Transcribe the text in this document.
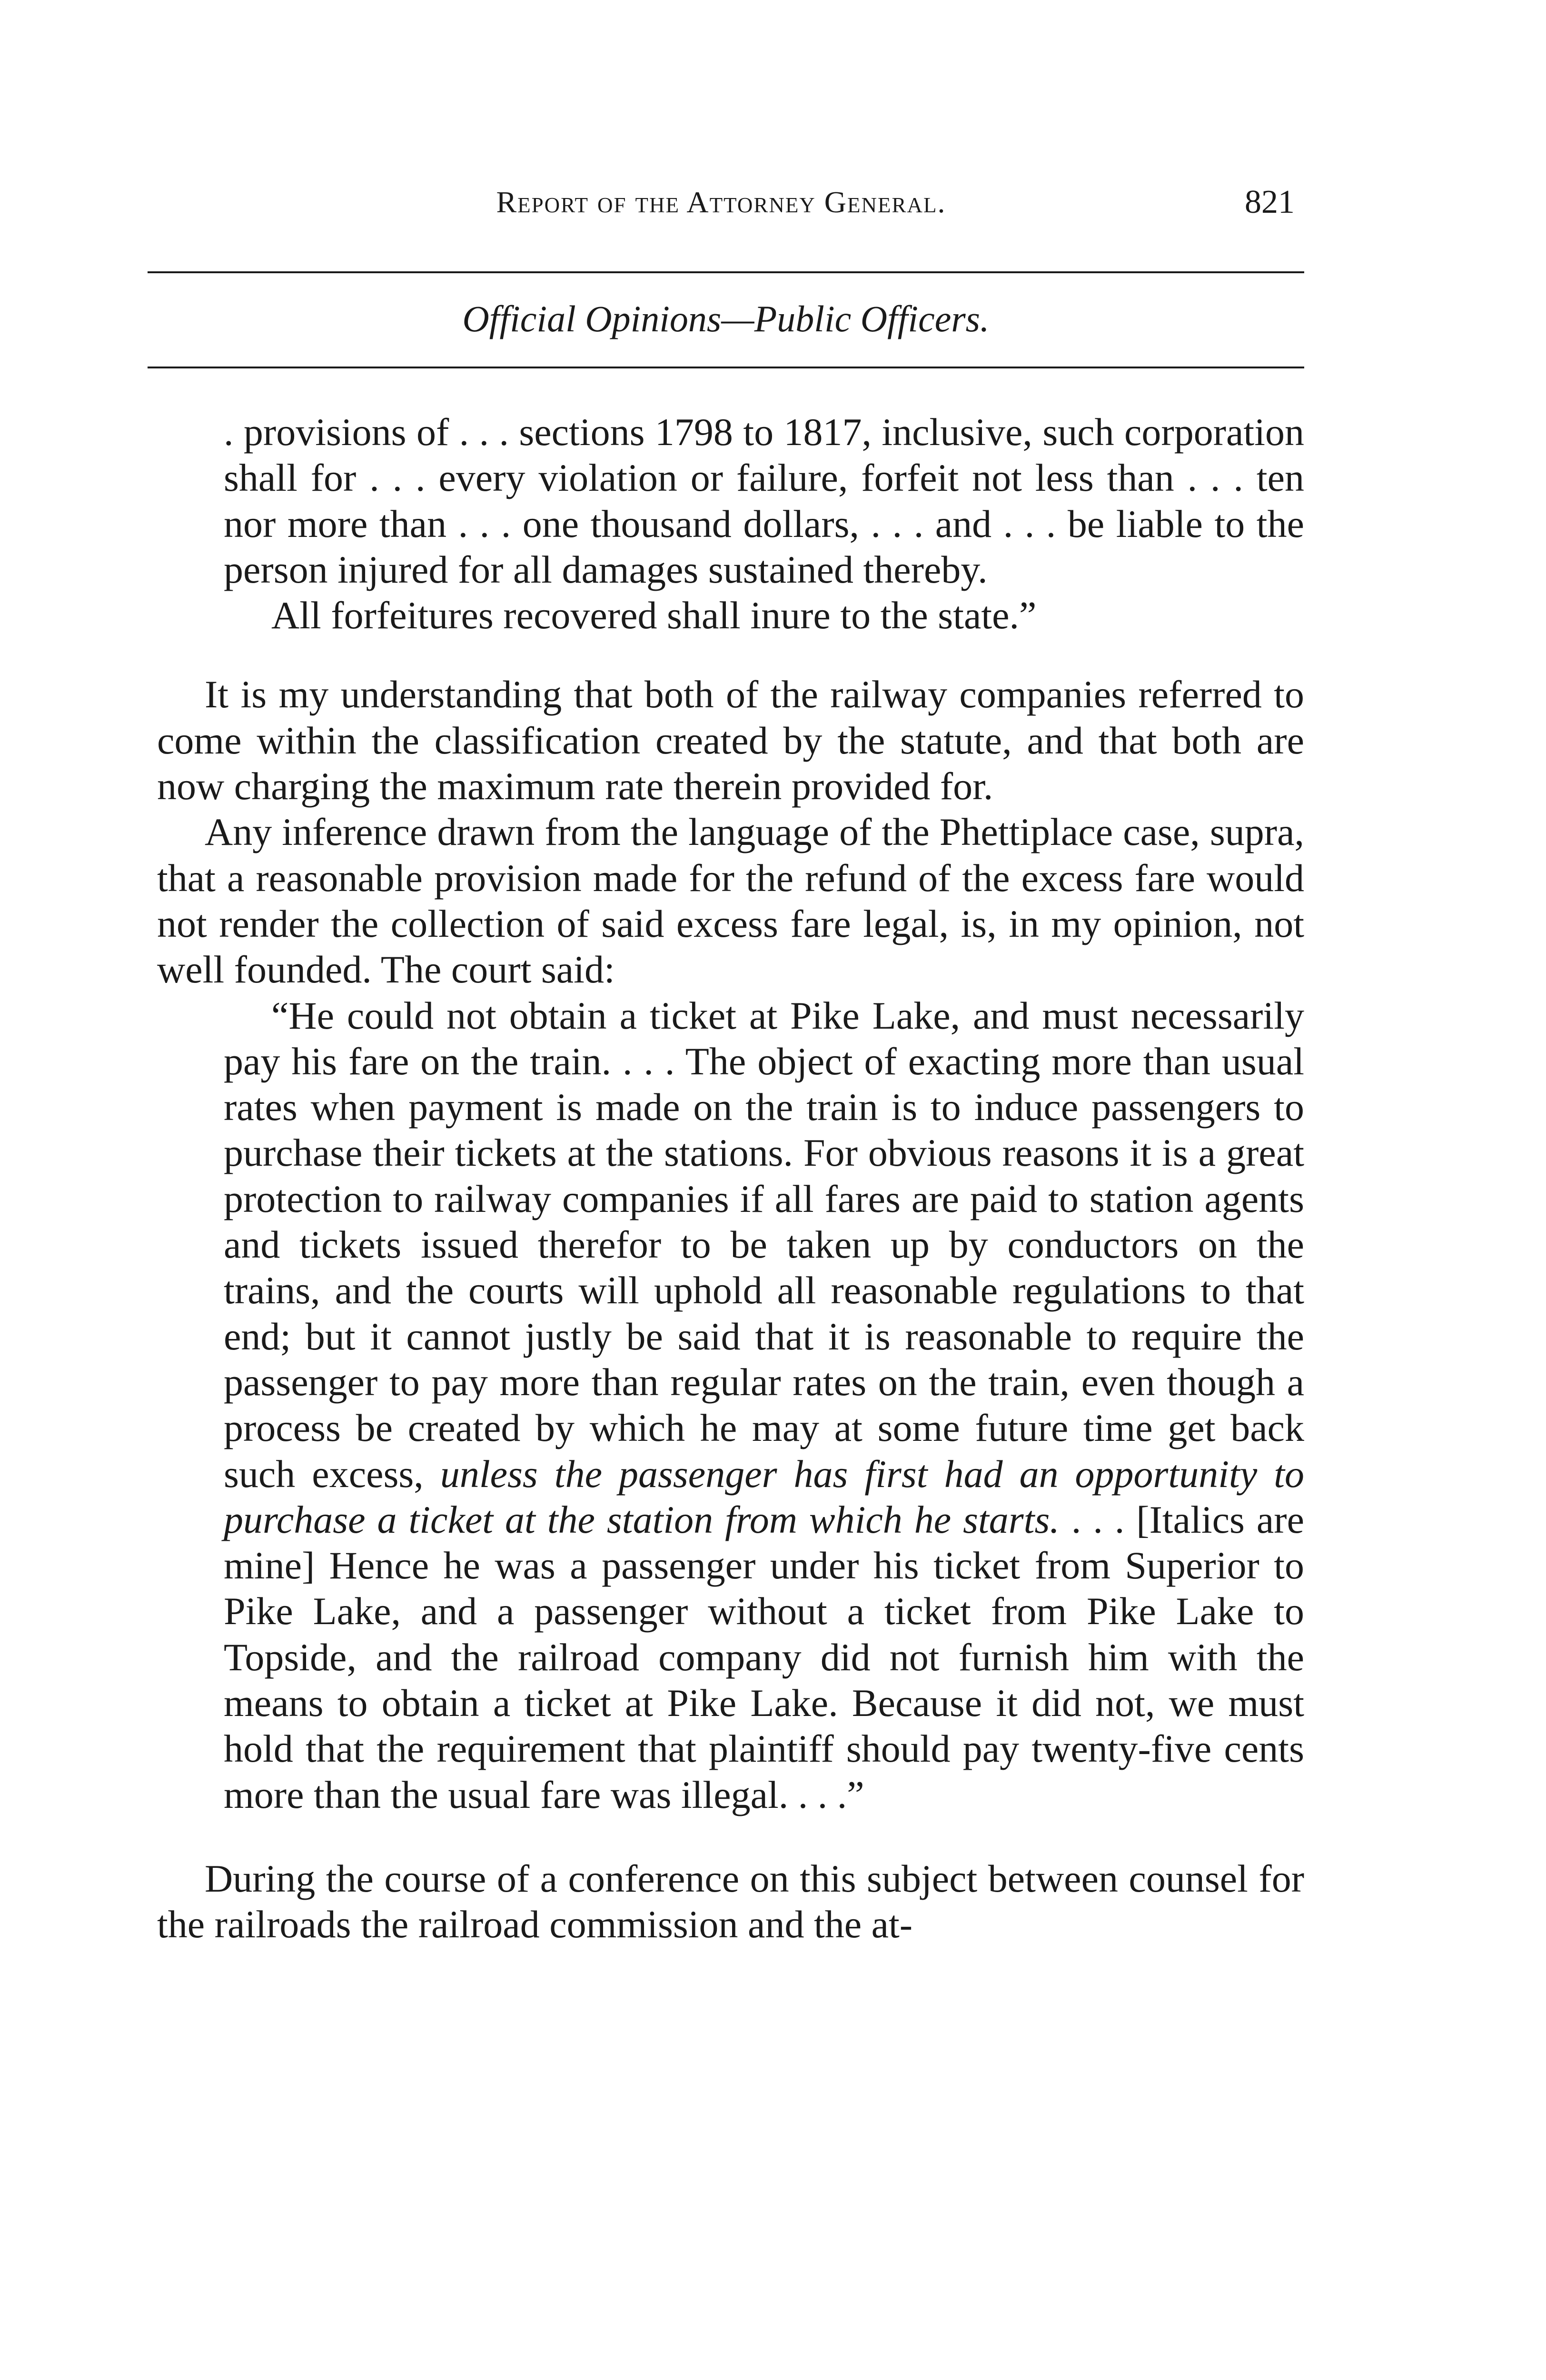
Report of the Attorney General.	821
Official Opinions—Public Officers.

. provisions of . . . sections 1798 to 1817, inclusive, such corporation shall for . . . every violation or failure, forfeit not less than . . . ten nor more than . . . one thousand dollars, . . . and . . . be liable to the person injured for all damages sustained thereby.

All forfeitures recovered shall inure to the state.”

It is my understanding that both of the railway companies referred to come within the classification created by the statute, and that both are now charging the maximum rate therein provided for.

Any inference drawn from the language of the Phettiplace case, supra, that a reasonable provision made for the refund of the excess fare would not render the collection of said excess fare legal, is, in my opinion, not well founded. The court said:

“He could not obtain a ticket at Pike Lake, and must necessarily pay his fare on the train. . . . The object of exacting more than usual rates when payment is made on the train is to induce passengers to purchase their tickets at the stations. For obvious reasons it is a great protection to railway companies if all fares are paid to station agents and tickets issued therefor to be taken up by conductors on the trains, and the courts will uphold all reasonable regulations to that end; but it cannot justly be said that it is reasonable to require the passenger to pay more than regular rates on the train, even though a process be created by which he may at some future time get back such excess, unless the passenger has first had an opportunity to purchase a ticket at the station from which he starts. . . . [Italics are mine] Hence he was a passenger under his ticket from Superior to Pike Lake, and a passenger without a ticket from Pike Lake to Topside, and the railroad company did not furnish him with the means to obtain a ticket at Pike Lake. Because it did not, we must hold that the requirement that plaintiff should pay twenty-five cents more than the usual fare was illegal. . . .”

During the course of a conference on this subject between counsel for the railroads the railroad commission and the at-
